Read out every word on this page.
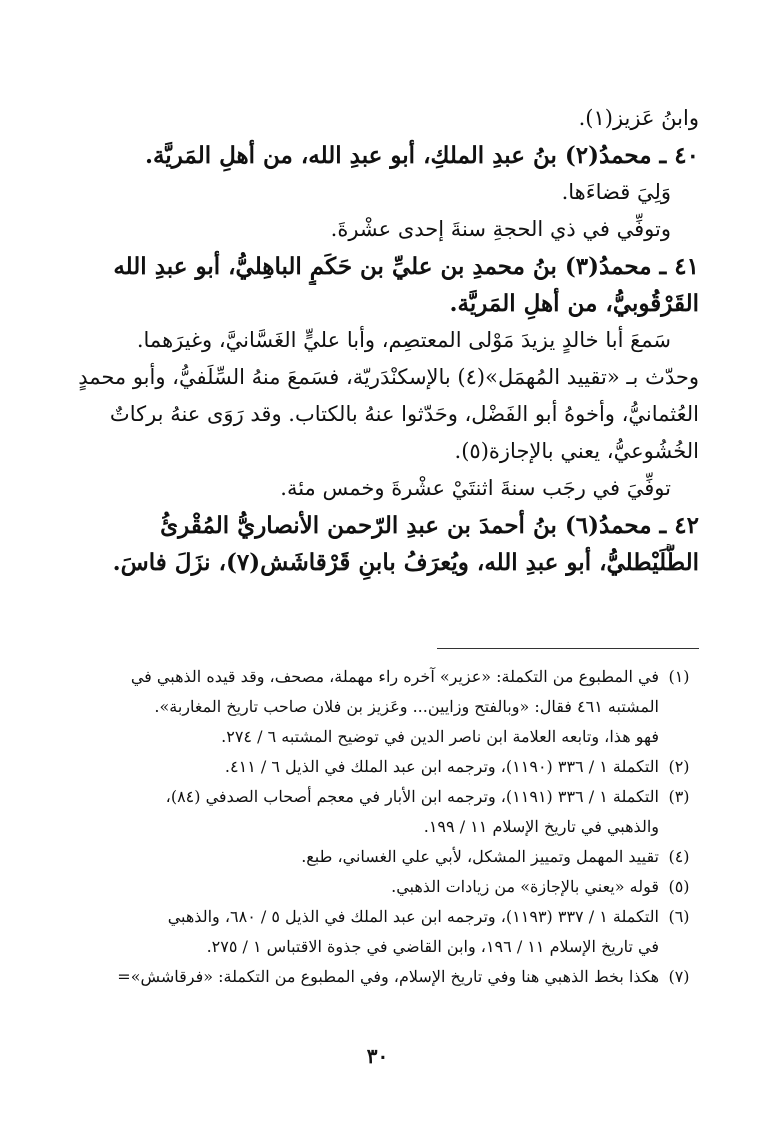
وابنُ عَزيز(١).
٤٠ ـ محمدُ(٢) بنُ عبدِ الملكِ، أبو عبدِ الله، من أهلِ المَريَّة.
وَلِيَ قضاءَها.
وتوفِّي في ذي الحجةِ سنةَ إحدى عشْرةَ.
٤١ ـ محمدُ(٣) بنُ محمدِ بن عليِّ بن حَكَمٍ الباهِليُّ، أبو عبدِ الله
القَرْقُوبيُّ، من أهلِ المَريَّة.
سَمعَ أبا خالدٍ يزيدَ مَوْلى المعتصِم، وأبا عليٍّ الغَسَّانيَّ، وغيرَهما.
وحدّث بـ «تقييد المُهمَل»(٤) بالإسكنْدَريّة، فسَمعَ منهُ السِّلَفيُّ، وأبو محمدٍ
العُثمانيُّ، وأخوهُ أبو الفَضْل، وحَدّثوا عنهُ بالكتاب. وقد رَوَى عنهُ بركاتٌ
الخُشُوعيُّ، يعني بالإجازة(٥).
توفِّيَ في رجَب سنةَ اثنتَيْ عشْرةَ وخمس مئة.
٤٢ ـ محمدُ(٦) بنُ أحمدَ بن عبدِ الرّحمن الأنصاريُّ المُقْرئُ
الطُّلَيْطليُّ، أبو عبدِ الله، ويُعرَفُ بابنِ قَرْقاشَش(٧)، نزَلَ فاسَ.
(١)
في المطبوع من التكملة: «عزير» آخره راء مهملة، مصحف، وقد قيده الذهبي في
المشتبه ٤٦١ فقال: «وبالفتح وزايين... وعَزيز بن فلان صاحب تاريخ المغاربة».
فهو هذا، وتابعه العلامة ابن ناصر الدين في توضيح المشتبه ٦ / ٢٧٤.
(٢)
التكملة ١ / ٣٣٦ (١١٩٠)، وترجمه ابن عبد الملك في الذيل ٦ / ٤١١.
(٣)
التكملة ١ / ٣٣٦ (١١٩١)، وترجمه ابن الأبار في معجم أصحاب الصدفي (٨٤)،
والذهبي في تاريخ الإسلام ١١ / ١٩٩.
(٤)
تقييد المهمل وتمييز المشكل، لأبي علي الغساني، طبع.
(٥)
قوله «يعني بالإجازة» من زيادات الذهبي.
(٦)
التكملة ١ / ٣٣٧ (١١٩٣)، وترجمه ابن عبد الملك في الذيل ٥ / ٦٨٠، والذهبي
في تاريخ الإسلام ١١ / ١٩٦، وابن القاضي في جذوة الاقتباس ١ / ٢٧٥.
(٧)
هكذا بخط الذهبي هنا وفي تاريخ الإسلام، وفي المطبوع من التكملة: «فرقاشش»=
٣٠
